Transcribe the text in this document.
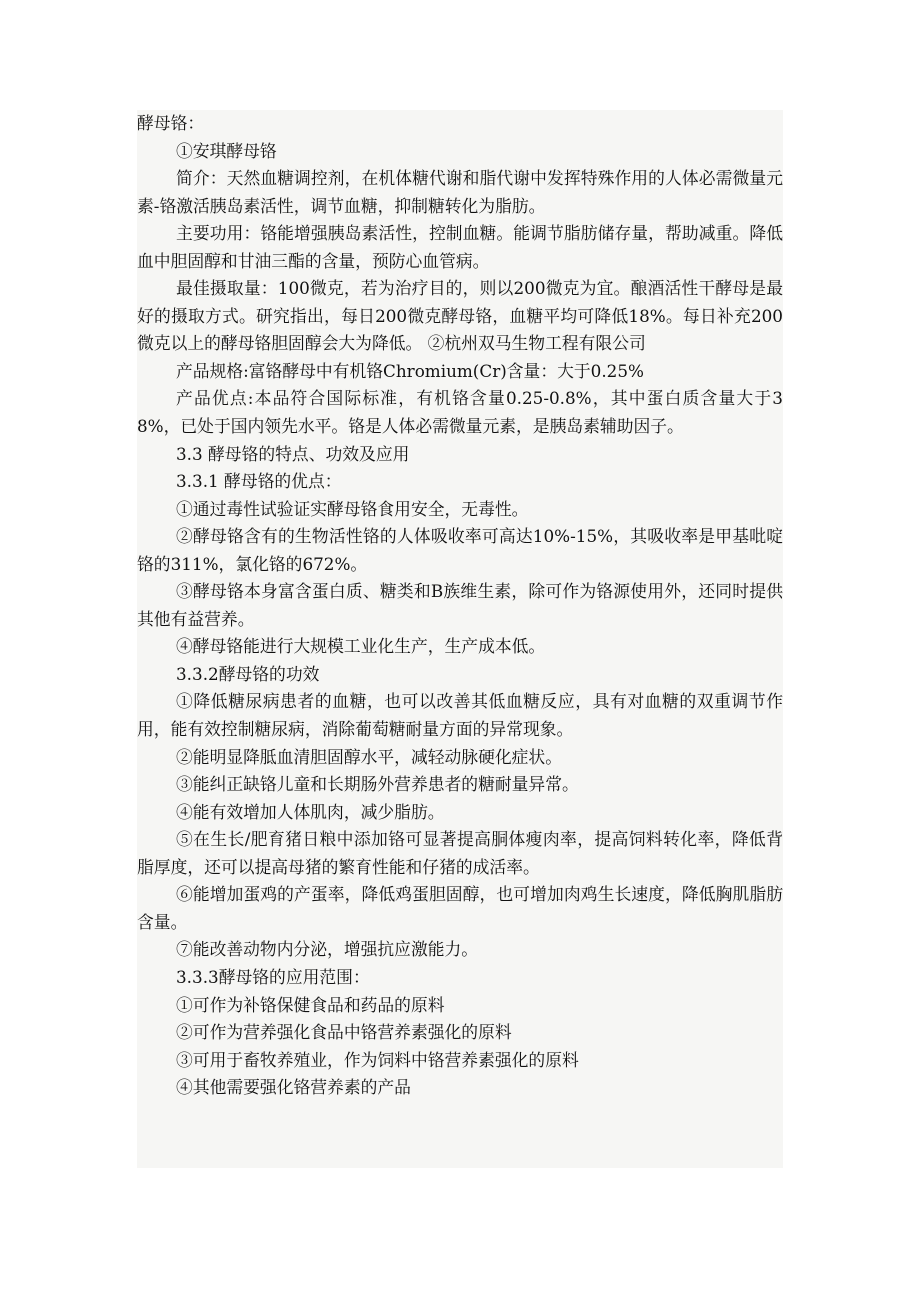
酵母铬：

①安琪酵母铬

简介：天然血糖调控剂，在机体糖代谢和脂代谢中发挥特殊作用的人体必需微量元素-铬激活胰岛素活性，调节血糖，抑制糖转化为脂肪。

主要功用：铬能增强胰岛素活性，控制血糖。能调节脂肪储存量，帮助减重。降低血中胆固醇和甘油三酯的含量，预防心血管病。

最佳摄取量：100微克，若为治疗目的，则以200微克为宜。酿酒活性干酵母是最好的摄取方式。研究指出，每日200微克酵母铬，血糖平均可降低18%。每日补充200微克以上的酵母铬胆固醇会大为降低。 ②杭州双马生物工程有限公司

产品规格:富铬酵母中有机铬Chromium(Cr)含量：大于0.25%

产品优点:本品符合国际标准，有机铬含量0.25-0.8%，其中蛋白质含量大于38%，已处于国内领先水平。铬是人体必需微量元素，是胰岛素辅助因子。

3.3 酵母铬的特点、功效及应用

3.3.1 酵母铬的优点：

①通过毒性试验证实酵母铬食用安全，无毒性。

②酵母铬含有的生物活性铬的人体吸收率可高达10%-15%，其吸收率是甲基吡啶铬的311%，氯化铬的672%。

③酵母铬本身富含蛋白质、糖类和B族维生素，除可作为铬源使用外，还同时提供其他有益营养。

④酵母铬能进行大规模工业化生产，生产成本低。

3.3.2酵母铬的功效

①降低糖尿病患者的血糖，也可以改善其低血糖反应，具有对血糖的双重调节作用，能有效控制糖尿病，消除葡萄糖耐量方面的异常现象。

②能明显降胝血清胆固醇水平，减轻动脉硬化症状。

③能纠正缺铬儿童和长期肠外营养患者的糖耐量异常。

④能有效增加人体肌肉，减少脂肪。

⑤在生长/肥育猪日粮中添加铬可显著提高胴体瘦肉率，提高饲料转化率，降低背脂厚度，还可以提高母猪的繁育性能和仔猪的成活率。

⑥能增加蛋鸡的产蛋率，降低鸡蛋胆固醇，也可增加肉鸡生长速度，降低胸肌脂肪含量。

⑦能改善动物内分泌，增强抗应激能力。

3.3.3酵母铬的应用范围：

①可作为补铬保健食品和药品的原料

②可作为营养强化食品中铬营养素强化的原料

③可用于畜牧养殖业，作为饲料中铬营养素强化的原料

④其他需要强化铬营养素的产品
